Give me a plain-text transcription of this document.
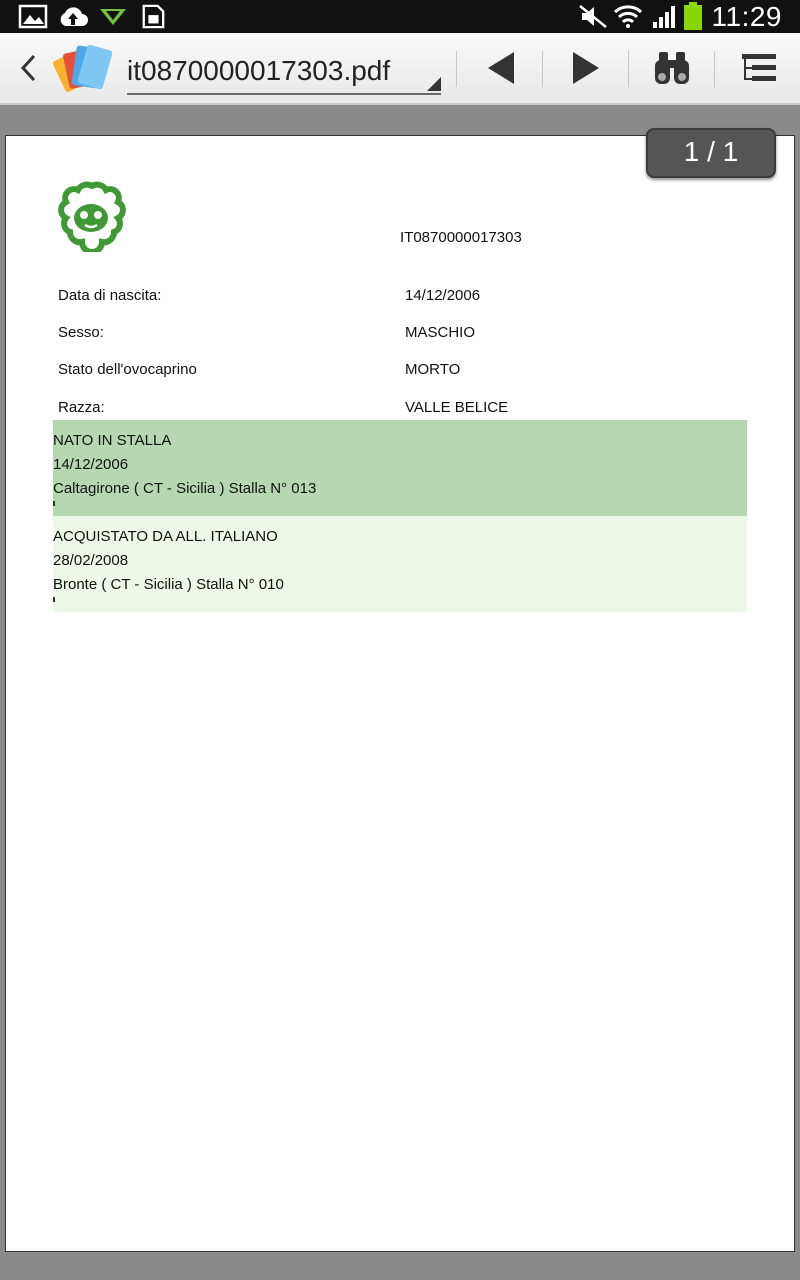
11:29
it0870000017303.pdf
1 / 1
IT0870000017303
Data di nascita:	14/12/2006
Sesso:	MASCHIO
Stato dell'ovocaprino	MORTO
Razza:	VALLE BELICE
NATO IN STALLA
14/12/2006
Caltagirone ( CT - Sicilia ) Stalla N° 013
ACQUISTATO DA ALL. ITALIANO
28/02/2008
Bronte ( CT - Sicilia ) Stalla N° 010
